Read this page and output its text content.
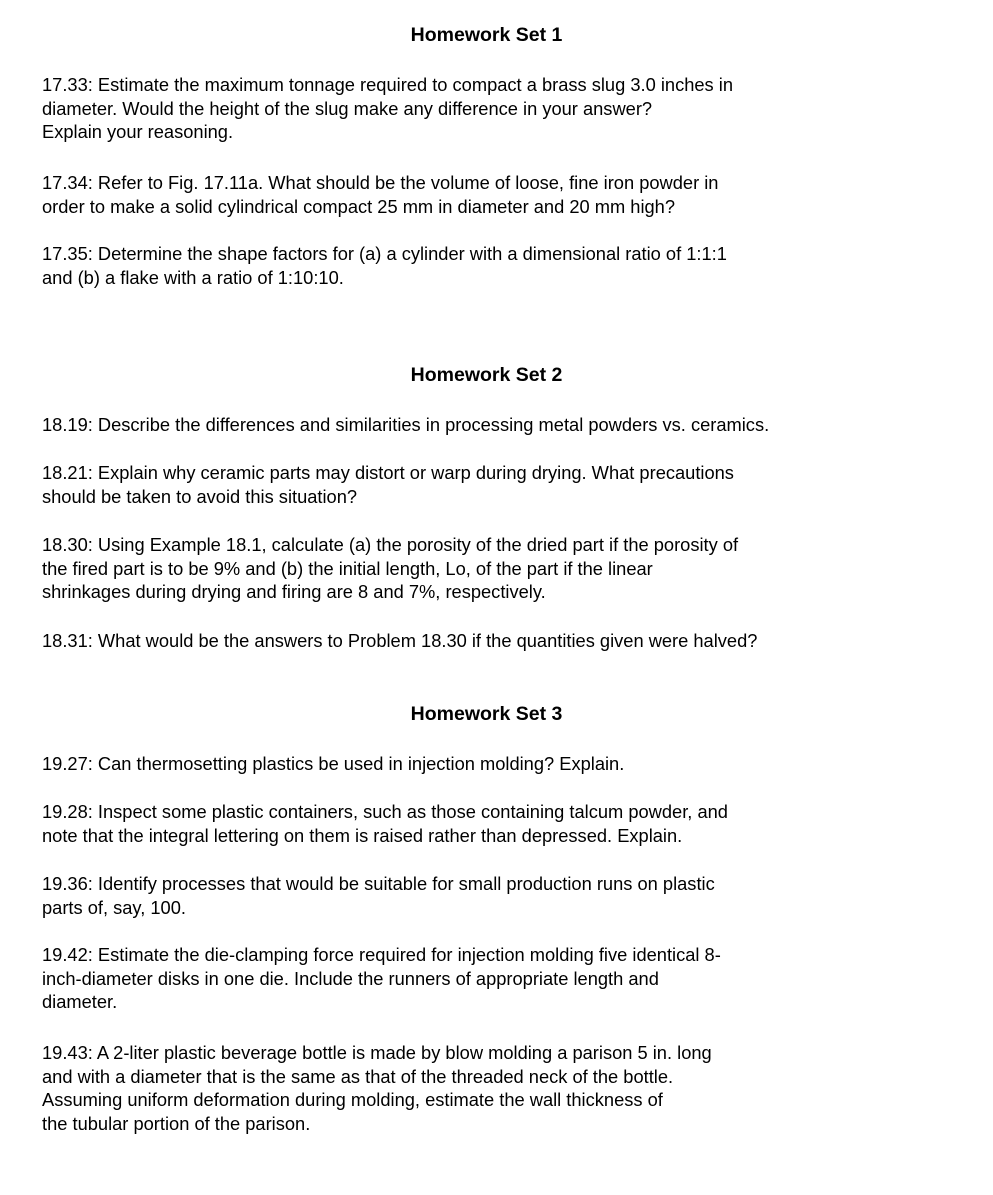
Homework Set 1
17.33: Estimate the maximum tonnage required to compact a brass slug 3.0 inches in
diameter. Would the height of the slug make any difference in your answer?
Explain your reasoning.
17.34: Refer to Fig. 17.11a. What should be the volume of loose, fine iron powder in
order to make a solid cylindrical compact 25 mm in diameter and 20 mm high?
17.35: Determine the shape factors for (a) a cylinder with a dimensional ratio of 1:1:1
and (b) a flake with a ratio of 1:10:10.
Homework Set 2
18.19: Describe the differences and similarities in processing metal powders vs. ceramics.
18.21: Explain why ceramic parts may distort or warp during drying. What precautions
should be taken to avoid this situation?
18.30: Using Example 18.1, calculate (a) the porosity of the dried part if the porosity of
the fired part is to be 9% and (b) the initial length, Lo, of the part if the linear
shrinkages during drying and firing are 8 and 7%, respectively.
18.31: What would be the answers to Problem 18.30 if the quantities given were halved?
Homework Set 3
19.27: Can thermosetting plastics be used in injection molding? Explain.
19.28: Inspect some plastic containers, such as those containing talcum powder, and
note that the integral lettering on them is raised rather than depressed. Explain.
19.36: Identify processes that would be suitable for small production runs on plastic
parts of, say, 100.
19.42: Estimate the die-clamping force required for injection molding five identical 8-
inch-diameter disks in one die. Include the runners of appropriate length and
diameter.
19.43: A 2-liter plastic beverage bottle is made by blow molding a parison 5 in. long
and with a diameter that is the same as that of the threaded neck of the bottle.
Assuming uniform deformation during molding, estimate the wall thickness of
the tubular portion of the parison.
